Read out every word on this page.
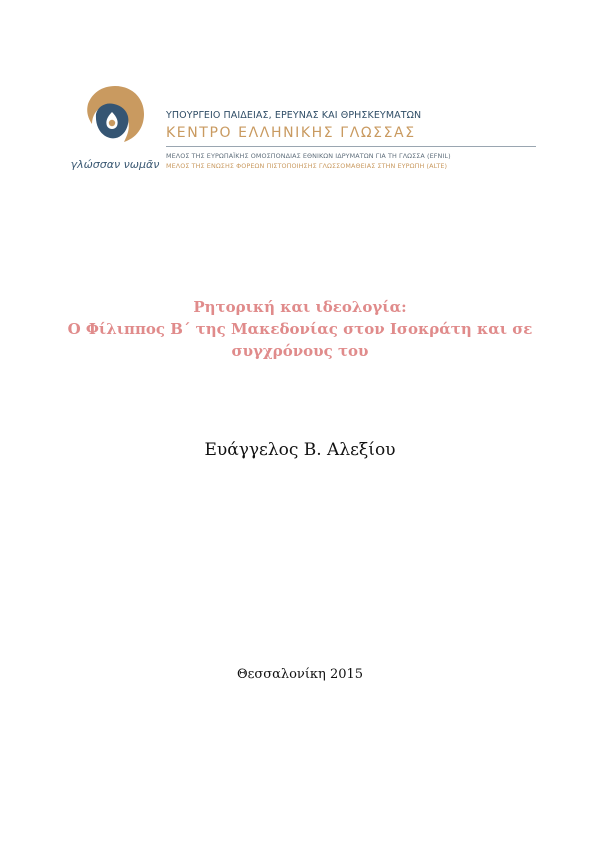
γλώσσαν νωμᾶν
ΥΠΟΥΡΓΕΙΟ ΠΑΙΔΕΙΑΣ, ΕΡΕΥΝΑΣ ΚΑΙ ΘΡΗΣΚΕΥΜΑΤΩΝ
ΚΕΝΤΡΟ ΕΛΛΗΝΙΚΗΣ ΓΛΩΣΣΑΣ
ΜΕΛΟΣ ΤΗΣ ΕΥΡΩΠΑΪΚΗΣ ΟΜΟΣΠΟΝΔΙΑΣ ΕΘΝΙΚΩΝ ΙΔΡΥΜΑΤΩΝ ΓΙΑ ΤΗ ΓΛΩΣΣΑ (EFNIL)
ΜΕΛΟΣ ΤΗΣ ΕΝΩΣΗΣ ΦΟΡΕΩΝ ΠΙΣΤΟΠΟΙΗΣΗΣ ΓΛΩΣΣΟΜΑΘΕΙΑΣ ΣΤΗΝ ΕΥΡΩΠΗ (ALTE)
Ρητορική και ιδεολογία:
Ο Φίλιππος Β΄ της Μακεδονίας στον Ισοκράτη και σε
συγχρόνους του
Ευάγγελος Β. Αλεξίου
Θεσσαλονίκη 2015
